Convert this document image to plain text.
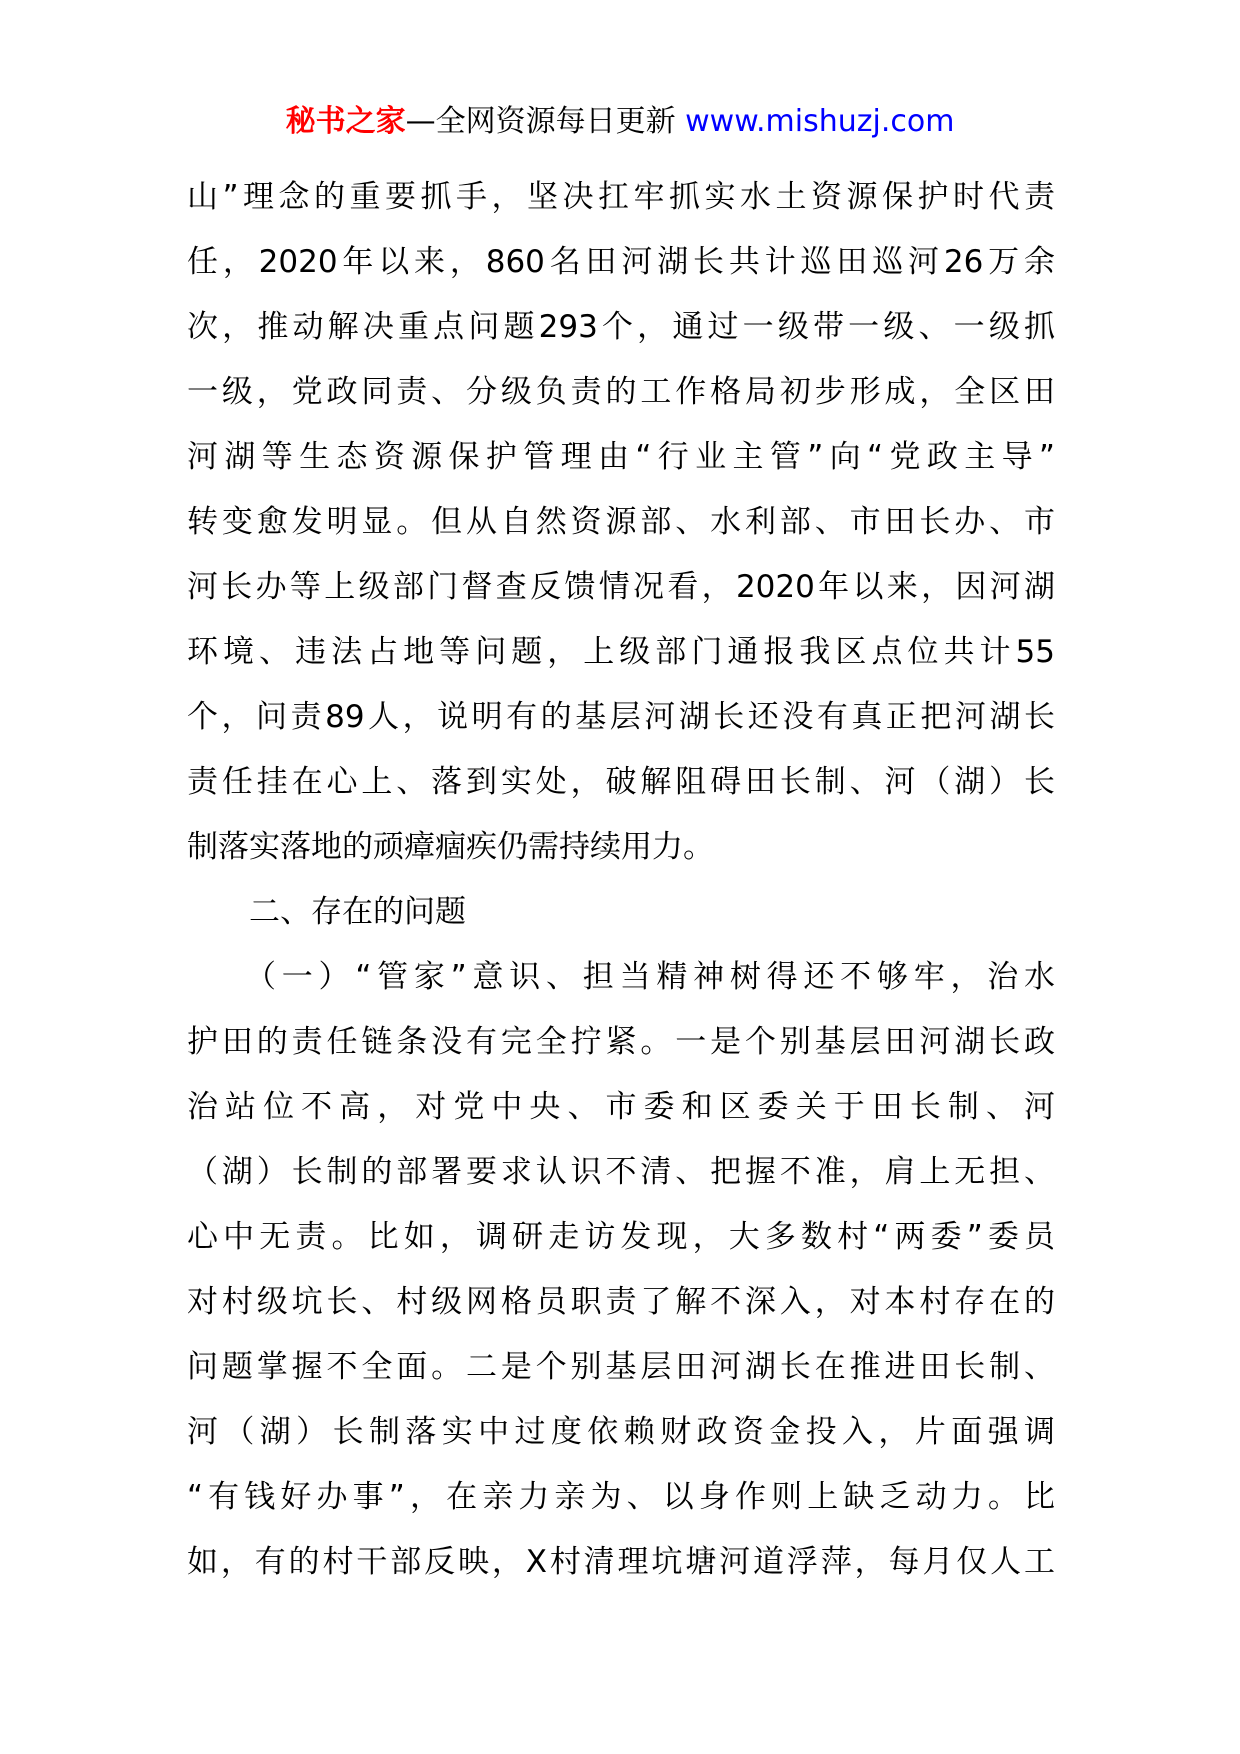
秘书之家—全网资源每日更新 www.mishuzj.com
山”理念的重要抓手，坚决扛牢抓实水土资源保护时代责
任，2020年以来，860名田河湖长共计巡田巡河26万余
次，推动解决重点问题293个，通过一级带一级、一级抓
一级，党政同责、分级负责的工作格局初步形成，全区田
河湖等生态资源保护管理由“行业主管”向“党政主导”
转变愈发明显。但从自然资源部、水利部、市田长办、市
河长办等上级部门督查反馈情况看，2020年以来，因河湖
环境、违法占地等问题，上级部门通报我区点位共计55
个，问责89人，说明有的基层河湖长还没有真正把河湖长
责任挂在心上、落到实处，破解阻碍田长制、河（湖）长
制落实落地的顽瘴痼疾仍需持续用力。
　　二、存在的问题
　　（一）“管家”意识、担当精神树得还不够牢，治水
护田的责任链条没有完全拧紧。一是个别基层田河湖长政
治站位不高，对党中央、市委和区委关于田长制、河
（湖）长制的部署要求认识不清、把握不准，肩上无担、
心中无责。比如，调研走访发现，大多数村“两委”委员
对村级坑长、村级网格员职责了解不深入，对本村存在的
问题掌握不全面。二是个别基层田河湖长在推进田长制、
河（湖）长制落实中过度依赖财政资金投入，片面强调
“有钱好办事”，在亲力亲为、以身作则上缺乏动力。比
如，有的村干部反映，X村清理坑塘河道浮萍，每月仅人工
